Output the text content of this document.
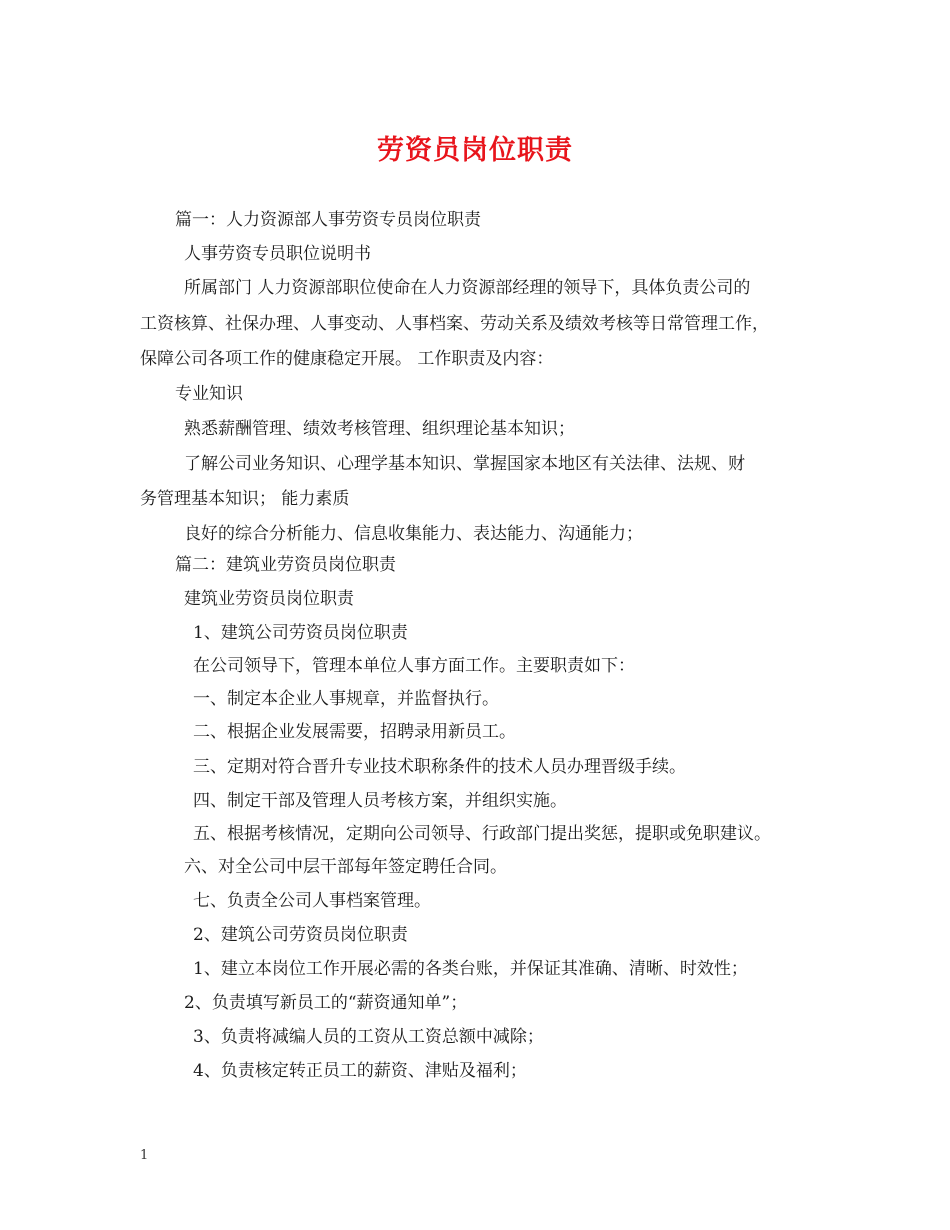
劳资员岗位职责
篇一：人力资源部人事劳资专员岗位职责
人事劳资专员职位说明书
所属部门 人力资源部职位使命在人力资源部经理的领导下，具体负责公司的
工资核算、社保办理、人事变动、人事档案、劳动关系及绩效考核等日常管理工作，
保障公司各项工作的健康稳定开展。 工作职责及内容：
专业知识
熟悉薪酬管理、绩效考核管理、组织理论基本知识；
了解公司业务知识、心理学基本知识、掌握国家本地区有关法律、法规、财
务管理基本知识； 能力素质
良好的综合分析能力、信息收集能力、表达能力、沟通能力；
篇二：建筑业劳资员岗位职责
建筑业劳资员岗位职责
1、建筑公司劳资员岗位职责
在公司领导下，管理本单位人事方面工作。主要职责如下：
一、制定本企业人事规章，并监督执行。
二、根据企业发展需要，招聘录用新员工。
三、定期对符合晋升专业技术职称条件的技术人员办理晋级手续。
四、制定干部及管理人员考核方案，并组织实施。
五、根据考核情况，定期向公司领导、行政部门提出奖惩，提职或免职建议。
六、对全公司中层干部每年签定聘任合同。
七、负责全公司人事档案管理。
2、建筑公司劳资员岗位职责
1、建立本岗位工作开展必需的各类台账，并保证其准确、清晰、时效性；
2、负责填写新员工的“薪资通知单”；
3、负责将减编人员的工资从工资总额中减除；
4、负责核定转正员工的薪资、津贴及福利；
1
